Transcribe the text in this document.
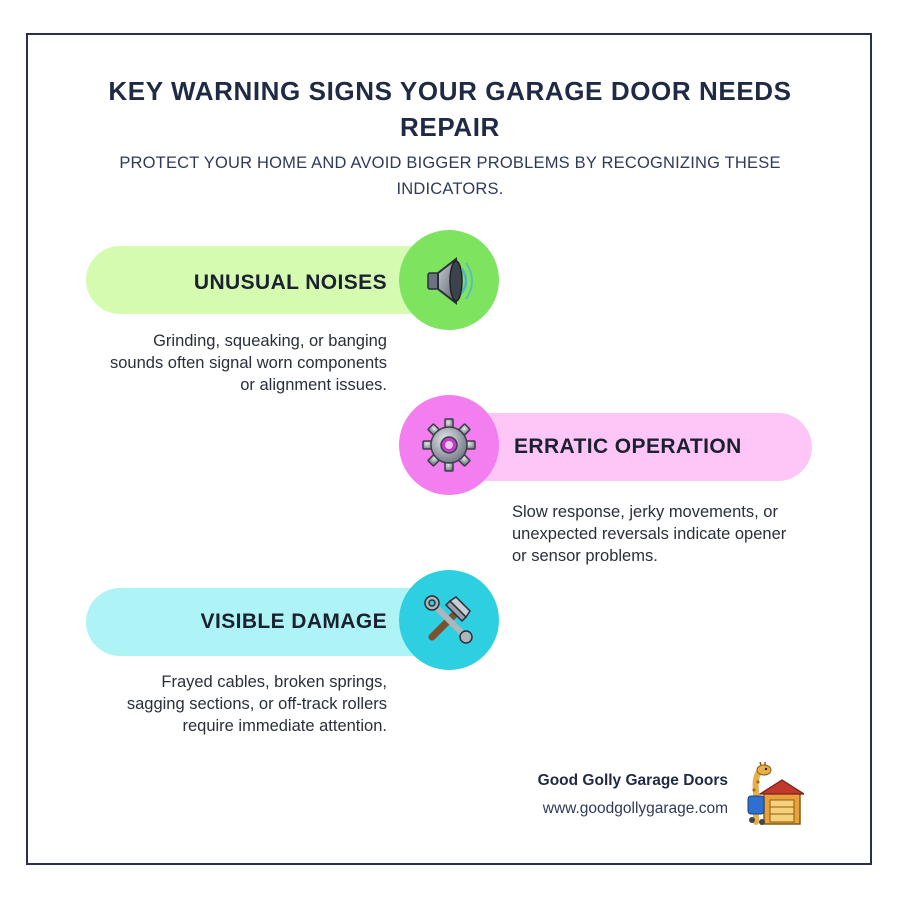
KEY WARNING SIGNS YOUR GARAGE DOOR NEEDS REPAIR
PROTECT YOUR HOME AND AVOID BIGGER PROBLEMS BY RECOGNIZING THESE INDICATORS.
UNUSUAL NOISES
Grinding, squeaking, or banging sounds often signal worn components or alignment issues.
ERRATIC OPERATION
Slow response, jerky movements, or unexpected reversals indicate opener or sensor problems.
VISIBLE DAMAGE
Frayed cables, broken springs, sagging sections, or off-track rollers require immediate attention.
Good Golly Garage Doors
www.goodgollygarage.com
